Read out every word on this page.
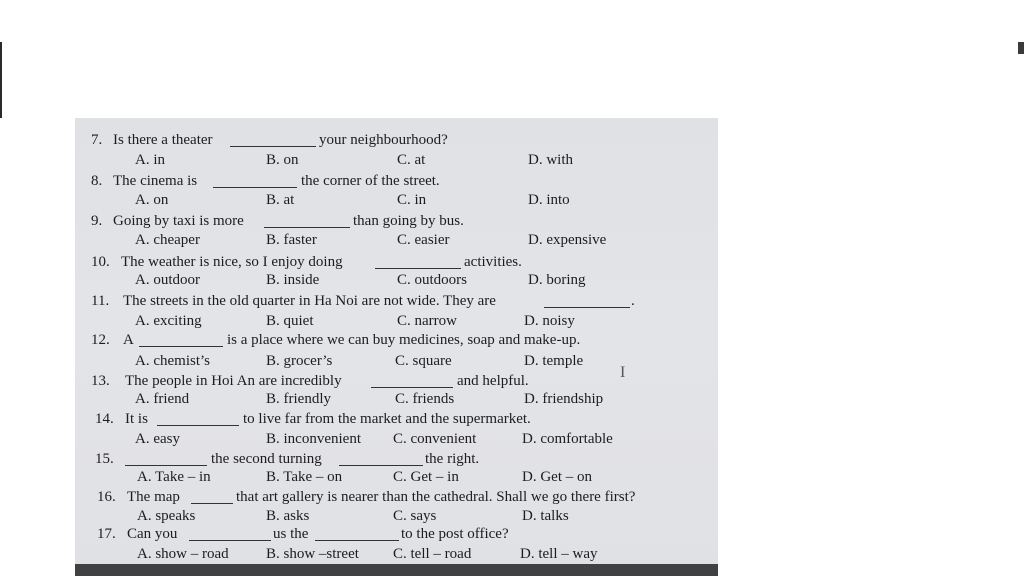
7. Is there a theater	your neighbourhood?
A. in	B. on	C. at	D. with
8. The cinema is	the corner of the street.
A. on	B. at	C. in	D. into
9. Going by taxi is more	than going by bus.
A. cheaper	B. faster	C. easier	D. expensive
10. The weather is nice, so I enjoy doing	activities.
A. outdoor	B. inside	C. outdoors	D. boring
11. The streets in the old quarter in Ha Noi are not wide. They are	.
A. exciting	B. quiet	C. narrow	D. noisy
12. A	is a place where we can buy medicines, soap and make-up.
A. chemist’s	B. grocer’s	C. square	D. temple
13. The people in Hoi An are incredibly	and helpful.
A. friend	B. friendly	C. friends	D. friendship
14. It is	to live far from the market and the supermarket.
A. easy	B. inconvenient C. convenient	D. comfortable
15.	the second turning	the right.
A. Take – in	B. Take – on	C. Get – in	D. Get – on
16. The map	that art gallery is nearer than the cathedral. Shall we go there first?
A. speaks	B. asks	C. says	D. talks
17. Can you	us the	to the post office?
A. show – road B. show –street C. tell – road	D. tell – way
I
